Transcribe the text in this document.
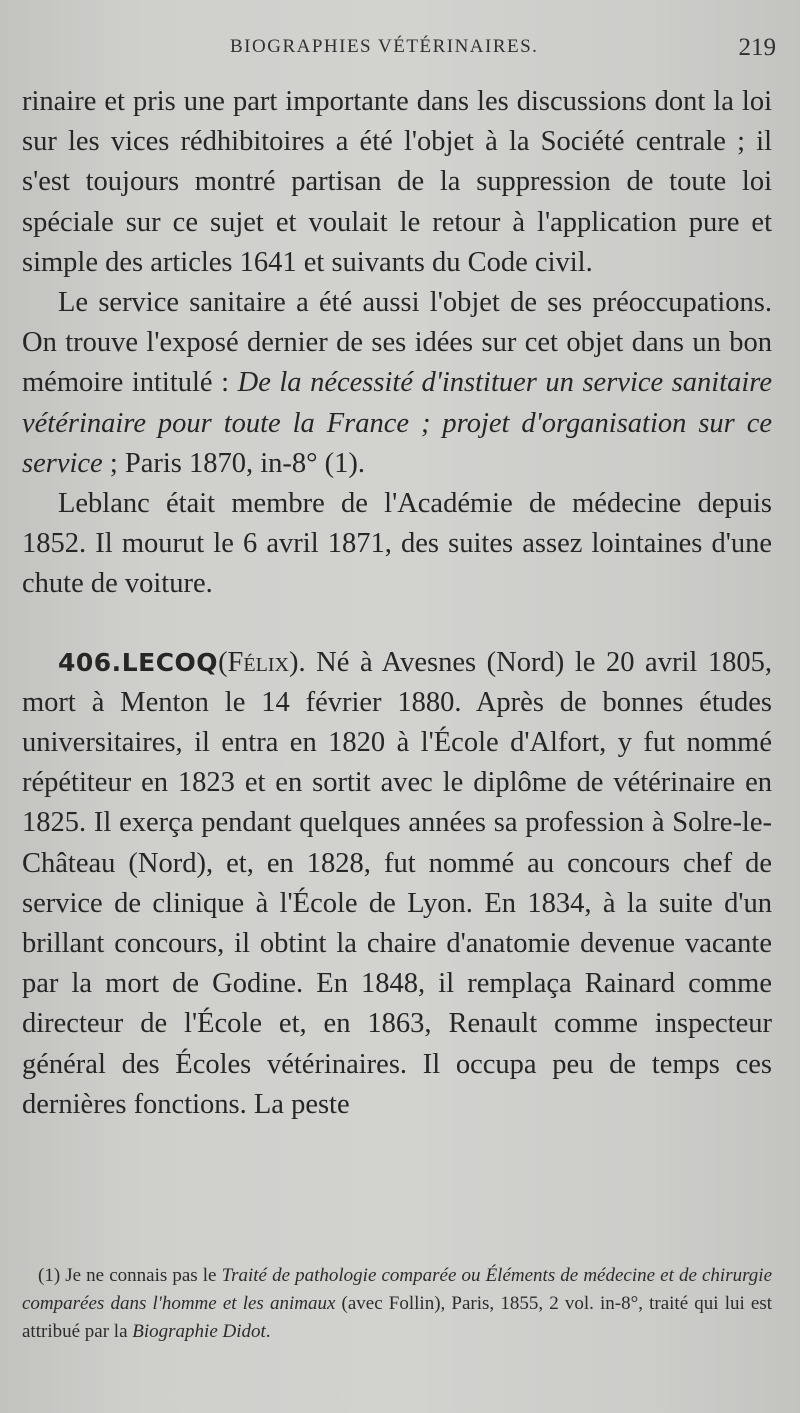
BIOGRAPHIES VÉTÉRINAIRES.	219

rinaire et pris une part importante dans les discussions dont la loi sur les vices rédhibitoires a été l'objet à la Société centrale ; il s'est toujours montré partisan de la suppression de toute loi spéciale sur ce sujet et voulait le retour à l'application pure et simple des articles 1641 et suivants du Code civil.

Le service sanitaire a été aussi l'objet de ses préoccupations. On trouve l'exposé dernier de ses idées sur cet objet dans un bon mémoire intitulé : De la nécessité d'instituer un service sanitaire vétérinaire pour toute la France ; projet d'organisation sur ce service ; Paris 1870, in-8° (1).

Leblanc était membre de l'Académie de médecine depuis 1852. Il mourut le 6 avril 1871, des suites assez lointaines d'une chute de voiture.

406.LECOQ(Félix). Né à Avesnes (Nord) le 20 avril 1805, mort à Menton le 14 février 1880. Après de bonnes études universitaires, il entra en 1820 à l'École d'Alfort, y fut nommé répétiteur en 1823 et en sortit avec le diplôme de vétérinaire en 1825. Il exerça pendant quelques années sa profession à Solre-le-Château (Nord), et, en 1828, fut nommé au concours chef de service de clinique à l'École de Lyon. En 1834, à la suite d'un brillant concours, il obtint la chaire d'anatomie devenue vacante par la mort de Godine. En 1848, il remplaça Rainard comme directeur de l'École et, en 1863, Renault comme inspecteur général des Écoles vétérinaires. Il occupa peu de temps ces dernières fonctions. La peste

(1) Je ne connais pas le Traité de pathologie comparée ou Éléments de médecine et de chirurgie comparées dans l'homme et les animaux (avec Follin), Paris, 1855, 2 vol. in-8°, traité qui lui est attribué par la Biographie Didot.
